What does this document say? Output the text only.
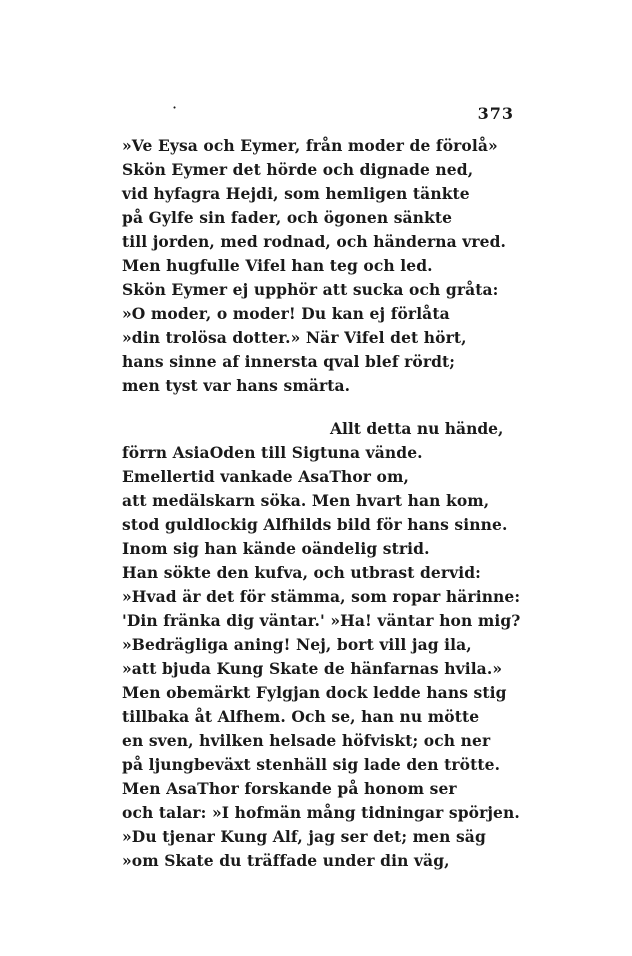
·	373
»Ve Eysa och Eymer, från moder de förolå»
Skön Eymer det hörde och dignade ned,
vid hyfagra Hejdi, som hemligen tänkte
på Gylfe sin fader, och ögonen sänkte
till jorden, med rodnad, och händerna vred.
Men hugfulle Vifel han teg och led.
Skön Eymer ej upphör att sucka och gråta:
»O moder, o moder! Du kan ej förlåta
»din trolösa dotter.» När Vifel det hört,
hans sinne af innersta qval blef rördt;
men tyst var hans smärta.
Allt detta nu hände,
förrn AsiaOden till Sigtuna vände.
Emellertid vankade AsaThor om,
att medälskarn söka. Men hvart han kom,
stod guldlockig Alfhilds bild för hans sinne.
Inom sig han kände oändelig strid.
Han sökte den kufva, och utbrast dervid:
»Hvad är det för stämma, som ropar härinne:
'Din fränka dig väntar.' »Ha! väntar hon mig?
»Bedrägliga aning! Nej, bort vill jag ila,
»att bjuda Kung Skate de hänfarnas hvila.»
Men obemärkt Fylgjan dock ledde hans stig
tillbaka åt Alfhem. Och se, han nu mötte
en sven, hvilken helsade höfviskt; och ner
på ljungbeväxt stenhäll sig lade den trötte.
Men AsaThor forskande på honom ser
och talar: »I hofmän mång tidningar spörjen.
»Du tjenar Kung Alf, jag ser det; men säg
»om Skate du träffade under din väg,
